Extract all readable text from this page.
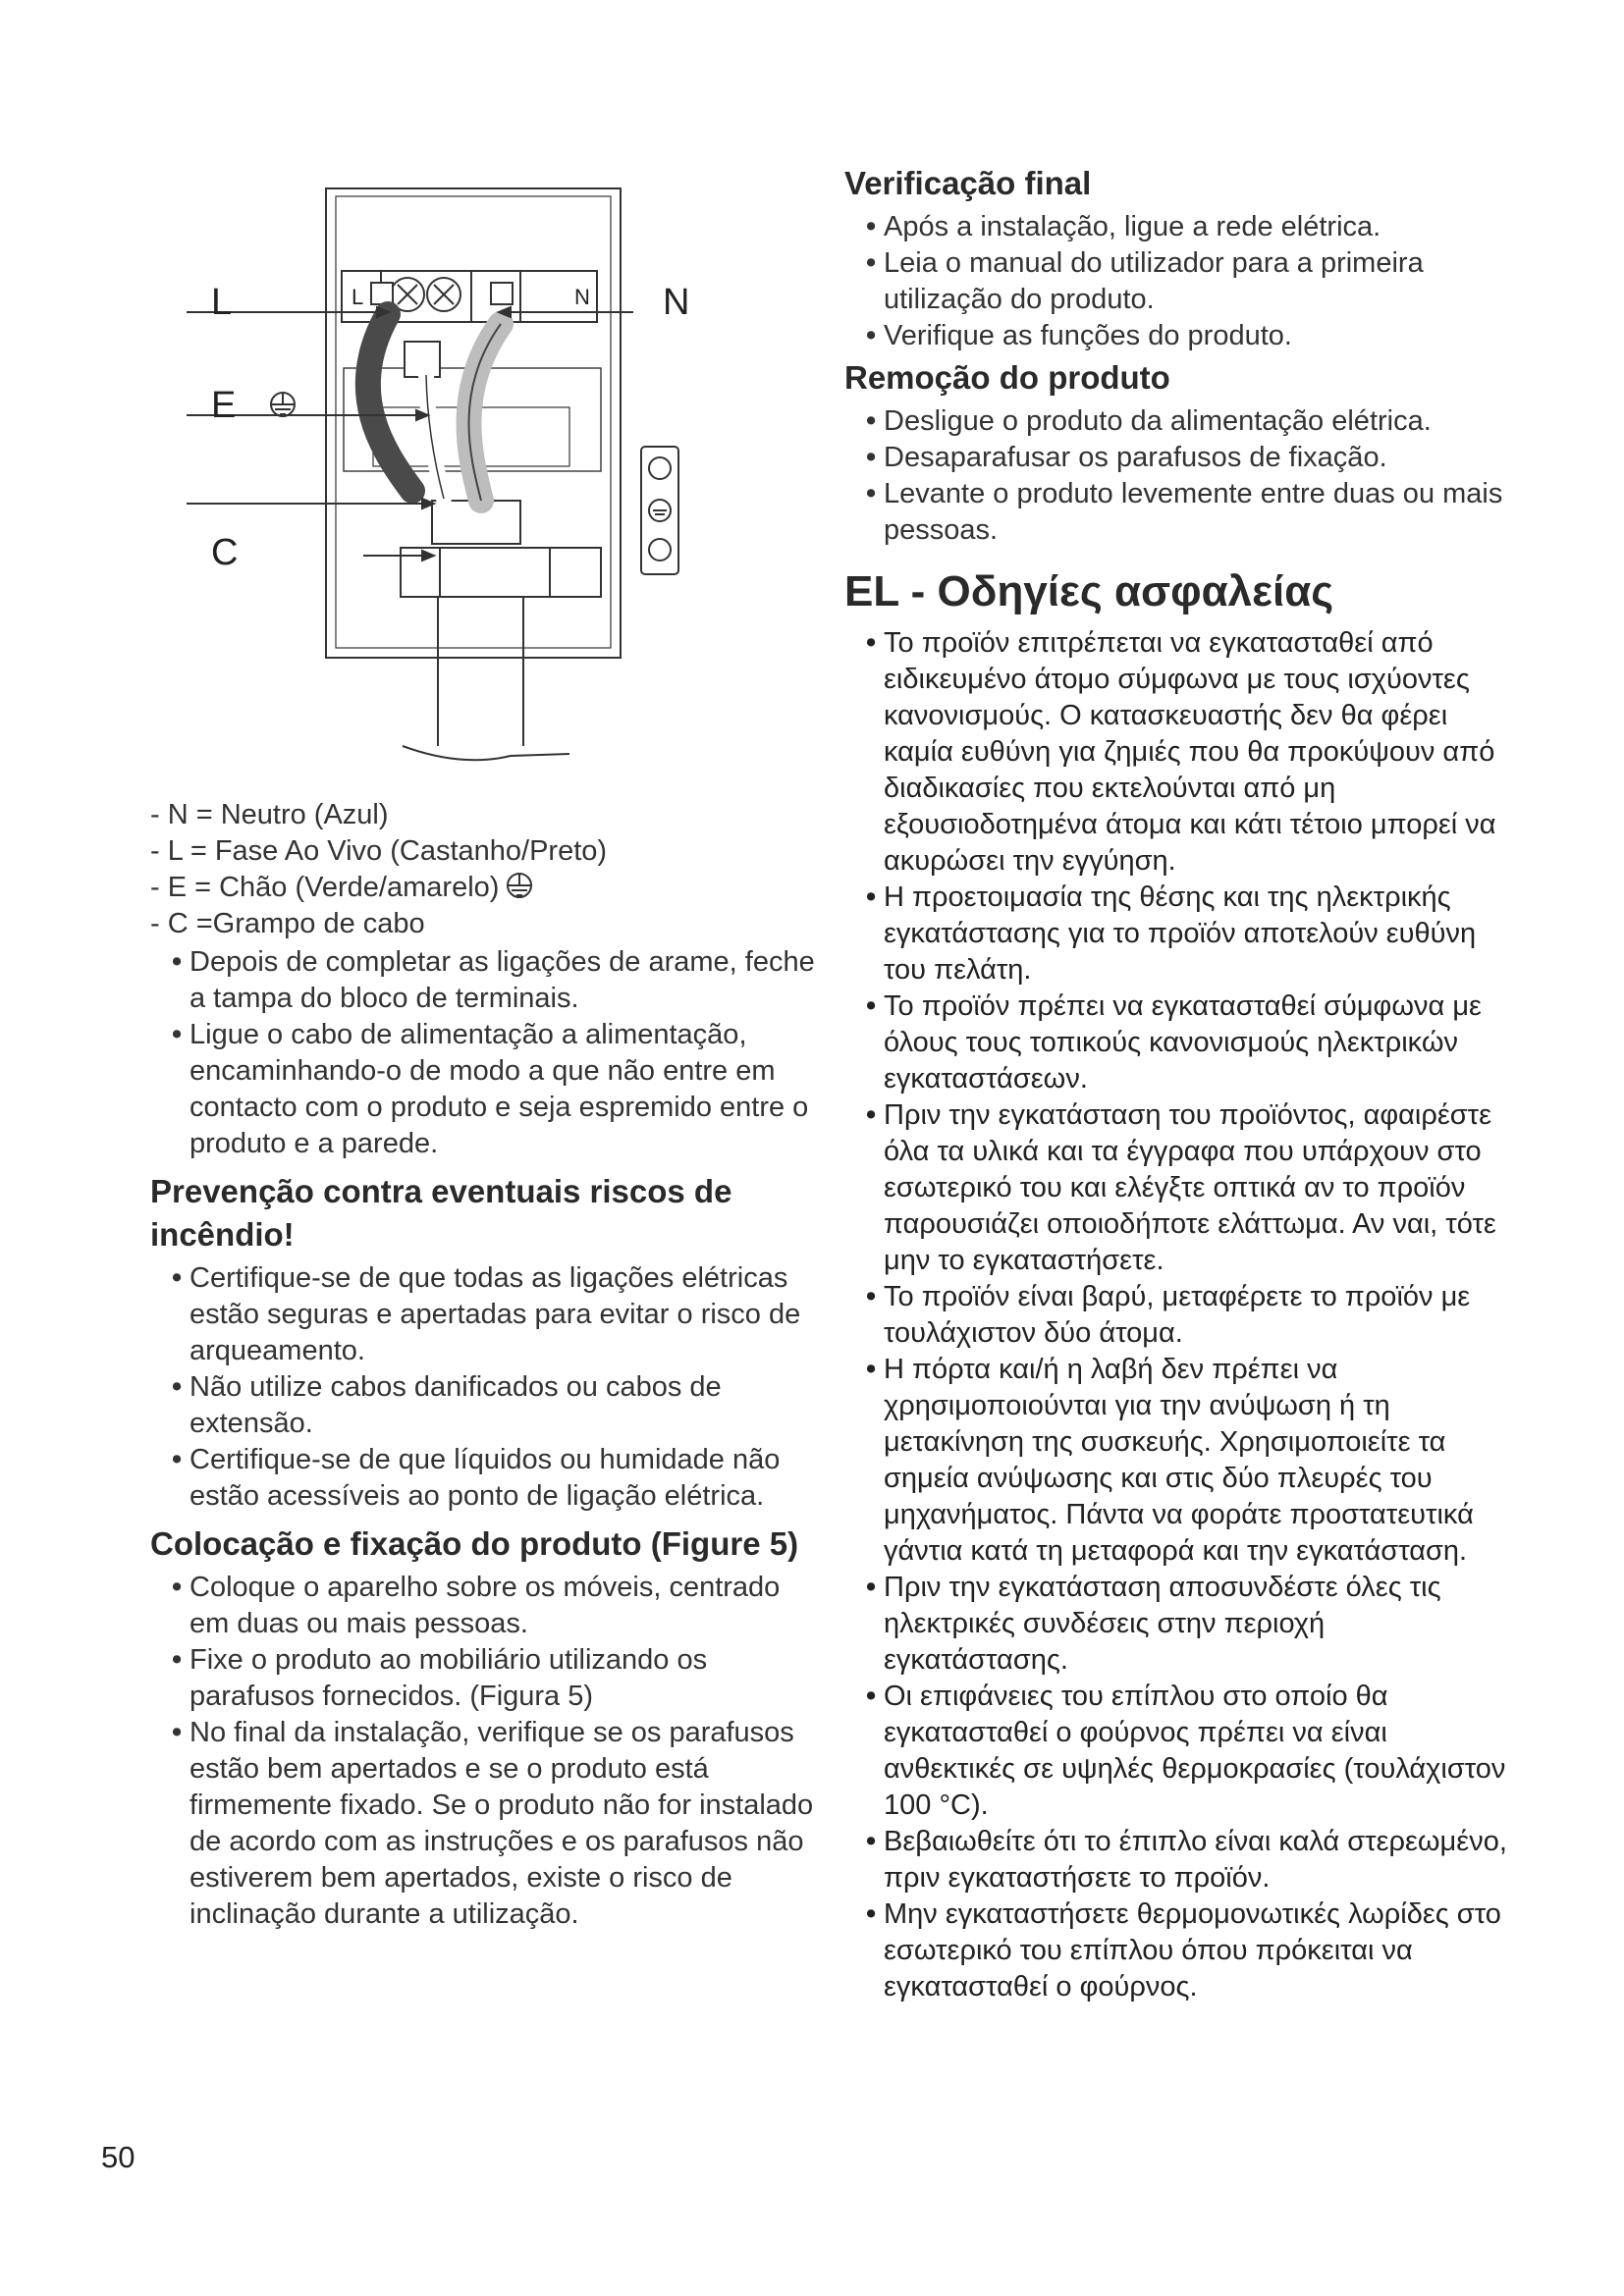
L	N
E
C
L	N
- N = Neutro (Azul)
- L = Fase Ao Vivo (Castanho/Preto)
- E = Chão (Verde/amarelo)
- C =Grampo de cabo
• Depois de completar as ligações de arame, feche a tampa do bloco de terminais.
• Ligue o cabo de alimentação a alimentação, encaminhando-o de modo a que não entre em contacto com o produto e seja espremido entre o produto e a parede.
Prevenção contra eventuais riscos de incêndio!
• Certifique-se de que todas as ligações elétricas estão seguras e apertadas para evitar o risco de arqueamento.
• Não utilize cabos danificados ou cabos de extensão.
• Certifique-se de que líquidos ou humidade não estão acessíveis ao ponto de ligação elétrica.
Colocação e fixação do produto (Figure 5)
• Coloque o aparelho sobre os móveis, centrado em duas ou mais pessoas.
• Fixe o produto ao mobiliário utilizando os parafusos fornecidos. (Figura 5)
• No final da instalação, verifique se os parafusos estão bem apertados e se o produto está firmemente fixado. Se o produto não for instalado de acordo com as instruções e os parafusos não estiverem bem apertados, existe o risco de inclinação durante a utilização.
Verificação final
• Após a instalação, ligue a rede elétrica.
• Leia o manual do utilizador para a primeira utilização do produto.
• Verifique as funções do produto.
Remoção do produto
• Desligue o produto da alimentação elétrica.
• Desaparafusar os parafusos de fixação.
• Levante o produto levemente entre duas ou mais pessoas.
EL - Οδηγίες ασφαλείας
• Το προϊόν επιτρέπεται να εγκατασταθεί από ειδικευμένο άτομο σύμφωνα με τους ισχύοντες κανονισμούς. Ο κατασκευαστής δεν θα φέρει καμία ευθύνη για ζημιές που θα προκύψουν από διαδικασίες που εκτελούνται από μη εξουσιοδοτημένα άτομα και κάτι τέτοιο μπορεί να ακυρώσει την εγγύηση.
• Η προετοιμασία της θέσης και της ηλεκτρικής εγκατάστασης για το προϊόν αποτελούν ευθύνη του πελάτη.
• Το προϊόν πρέπει να εγκατασταθεί σύμφωνα με όλους τους τοπικούς κανονισμούς ηλεκτρικών εγκαταστάσεων.
• Πριν την εγκατάσταση του προϊόντος, αφαιρέστε όλα τα υλικά και τα έγγραφα που υπάρχουν στο εσωτερικό του και ελέγξτε οπτικά αν το προϊόν παρουσιάζει οποιοδήποτε ελάττωμα. Αν ναι, τότε μην το εγκαταστήσετε.
• Το προϊόν είναι βαρύ, μεταφέρετε το προϊόν με τουλάχιστον δύο άτομα.
• Η πόρτα και/ή η λαβή δεν πρέπει να χρησιμοποιούνται για την ανύψωση ή τη μετακίνηση της συσκευής. Χρησιμοποιείτε τα σημεία ανύψωσης και στις δύο πλευρές του μηχανήματος. Πάντα να φοράτε προστατευτικά γάντια κατά τη μεταφορά και την εγκατάσταση.
• Πριν την εγκατάσταση αποσυνδέστε όλες τις ηλεκτρικές συνδέσεις στην περιοχή εγκατάστασης.
• Οι επιφάνειες του επίπλου στο οποίο θα εγκατασταθεί ο φούρνος πρέπει να είναι ανθεκτικές σε υψηλές θερμοκρασίες (τουλάχιστον 100 °C).
• Βεβαιωθείτε ότι το έπιπλο είναι καλά στερεωμένο, πριν εγκαταστήσετε το προϊόν.
• Μην εγκαταστήσετε θερμομονωτικές λωρίδες στο εσωτερικό του επίπλου όπου πρόκειται να εγκατασταθεί ο φούρνος.
50
